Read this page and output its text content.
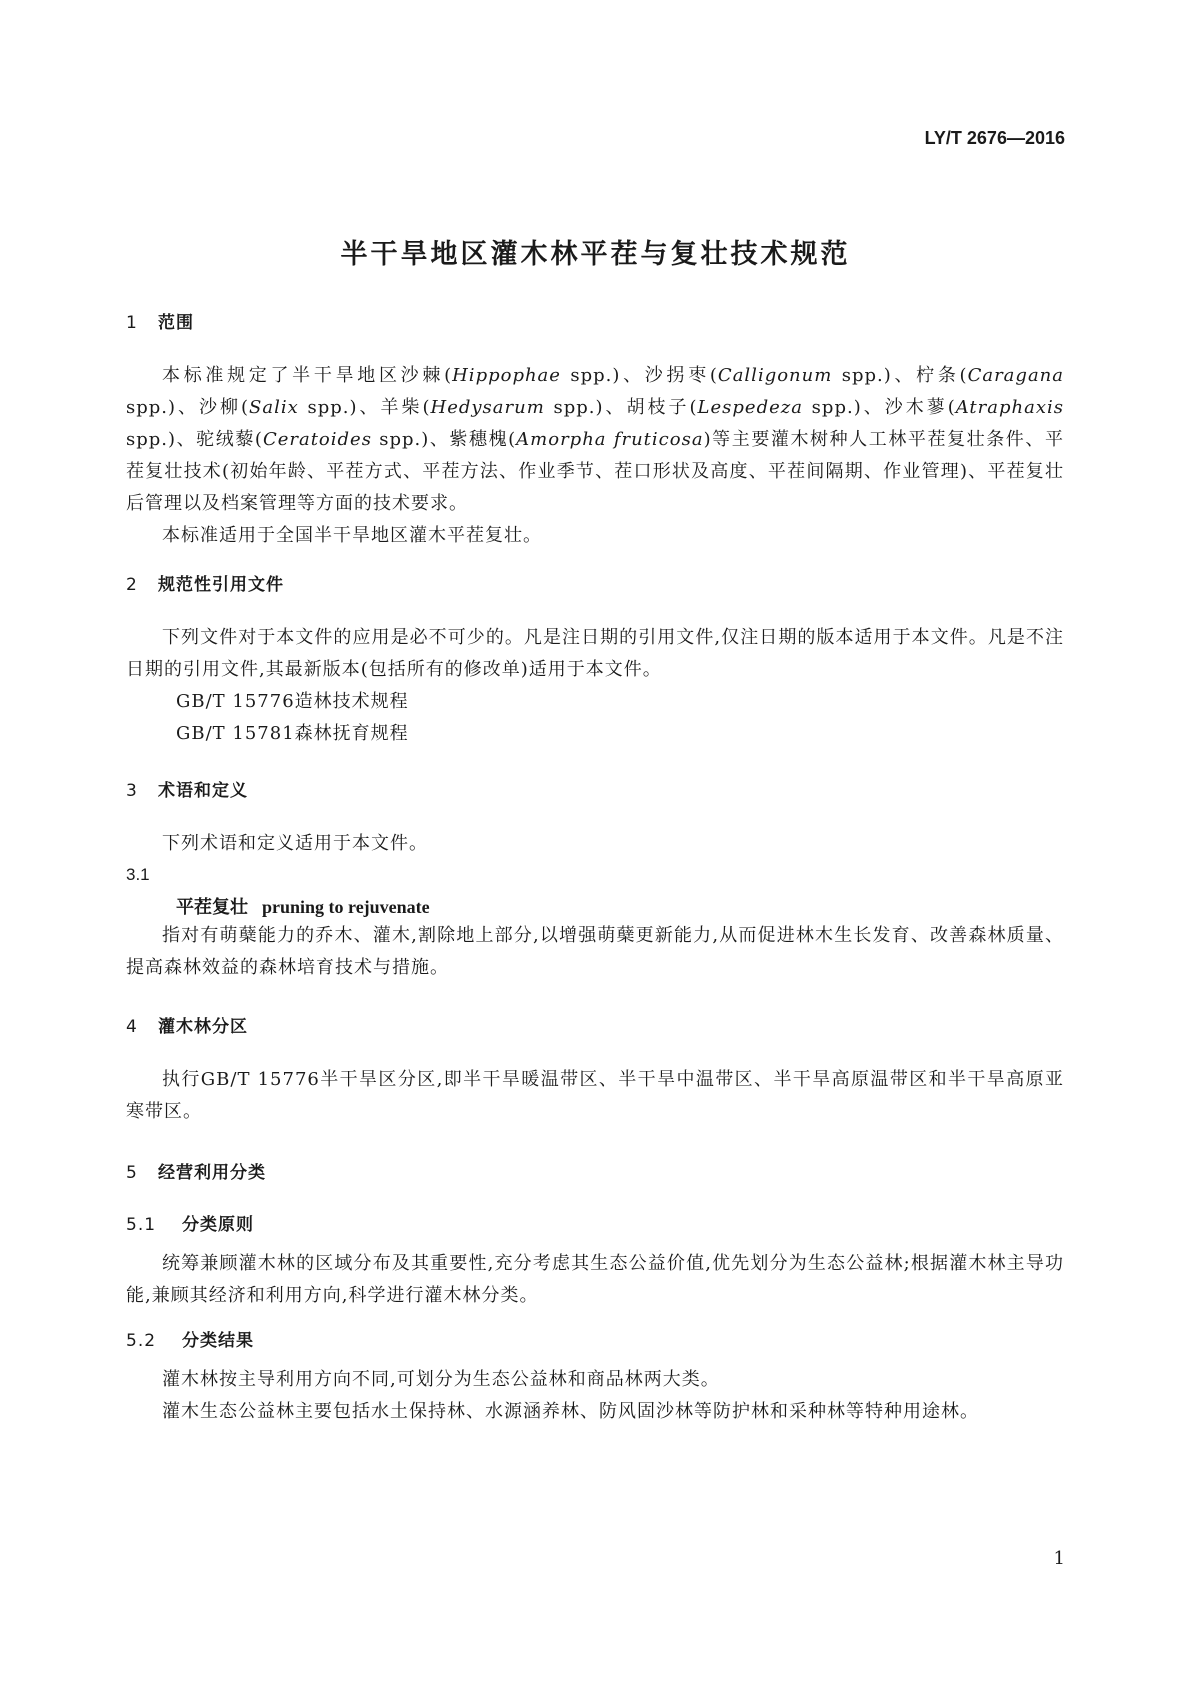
LY/T 2676—2016
半干旱地区灌木林平茬与复壮技术规范
1 范围
本标准规定了半干旱地区沙棘(Hippophae spp.)、沙拐枣(Calligonum spp.)、柠条(Caragana spp.)、沙柳(Salix spp.)、羊柴(Hedysarum spp.)、胡枝子(Lespedeza spp.)、沙木蓼(Atraphaxis spp.)、驼绒藜(Ceratoides spp.)、紫穗槐(Amorpha fruticosa)等主要灌木树种人工林平茬复壮条件、平茬复壮技术(初始年龄、平茬方式、平茬方法、作业季节、茬口形状及高度、平茬间隔期、作业管理)、平茬复壮后管理以及档案管理等方面的技术要求。
本标准适用于全国半干旱地区灌木平茬复壮。
2 规范性引用文件
下列文件对于本文件的应用是必不可少的。凡是注日期的引用文件,仅注日期的版本适用于本文件。凡是不注日期的引用文件,其最新版本(包括所有的修改单)适用于本文件。
GB/T 15776造林技术规程
GB/T 15781森林抚育规程
3 术语和定义
下列术语和定义适用于本文件。
3.1
平茬复壮 pruning to rejuvenate
指对有萌蘖能力的乔木、灌木,割除地上部分,以增强萌蘖更新能力,从而促进林木生长发育、改善森林质量、提高森林效益的森林培育技术与措施。
4 灌木林分区
执行GB/T 15776半干旱区分区,即半干旱暖温带区、半干旱中温带区、半干旱高原温带区和半干旱高原亚寒带区。
5 经营利用分类
5.1 分类原则
统筹兼顾灌木林的区域分布及其重要性,充分考虑其生态公益价值,优先划分为生态公益林;根据灌木林主导功能,兼顾其经济和利用方向,科学进行灌木林分类。
5.2 分类结果
灌木林按主导利用方向不同,可划分为生态公益林和商品林两大类。
灌木生态公益林主要包括水土保持林、水源涵养林、防风固沙林等防护林和采种林等特种用途林。
1
